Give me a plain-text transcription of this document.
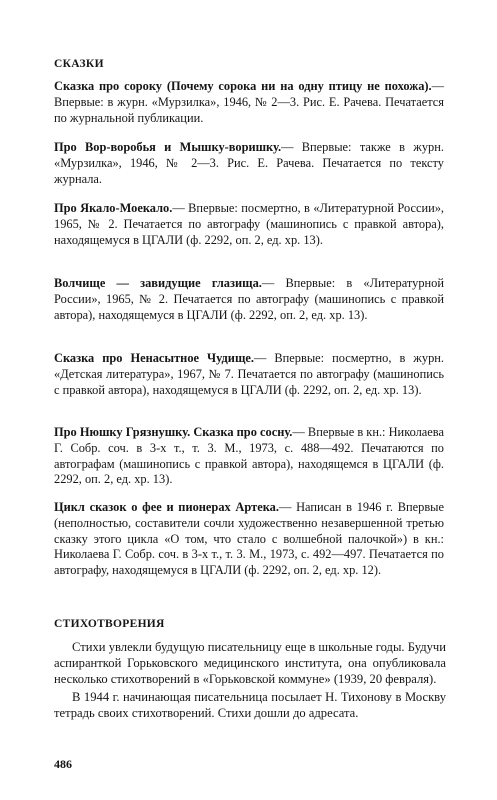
СКАЗКИ
Сказка про сороку (Почему сорока ни на одну птицу не похожа).— Впервые: в журн. «Мурзилка», 1946, № 2—3. Рис. Е. Рачева. Печатается по журнальной публикации.
Про Вор-воробья и Мышку-воришку.— Впервые: также в журн. «Мурзилка», 1946, № 2—3. Рис. Е. Рачева. Печатается по тексту журнала.
Про Якало-Моекало.— Впервые: посмертно, в «Литературной России», 1965, № 2. Печатается по автографу (машинопись с правкой автора), находящемуся в ЦГАЛИ (ф. 2292, оп. 2, ед. хр. 13).
Волчище — завидущие глазища.— Впервые: в «Литературной России», 1965, № 2. Печатается по автографу (машинопись с правкой автора), находящемуся в ЦГАЛИ (ф. 2292, оп. 2, ед. хр. 13).
Сказка про Ненасытное Чудище.— Впервые: посмертно, в журн. «Детская литература», 1967, № 7. Печатается по автографу (машинопись с правкой автора), находящемуся в ЦГАЛИ (ф. 2292, оп. 2, ед. хр. 13).
Про Нюшку Грязнушку. Сказка про сосну.— Впервые в кн.: Николаева Г. Собр. соч. в 3-х т., т. 3. М., 1973, с. 488—492. Печатаются по автографам (машинопись с правкой автора), находящемся в ЦГАЛИ (ф. 2292, оп. 2, ед. хр. 13).
Цикл сказок о фее и пионерах Артека.— Написан в 1946 г. Впервые (неполностью, составители сочли художественно незавершенной третью сказку этого цикла «О том, что стало с волшебной палочкой») в кн.: Николаева Г. Собр. соч. в 3-х т., т. 3. М., 1973, с. 492—497. Печатается по автографу, находящемуся в ЦГАЛИ (ф. 2292, оп. 2, ед. хр. 12).
СТИХОТВОРЕНИЯ
Стихи увлекли будущую писательницу еще в школьные годы. Будучи аспиранткой Горьковского медицинского института, она опубликовала несколько стихотворений в «Горьковской коммуне» (1939, 20 февраля).
В 1944 г. начинающая писательница посылает Н. Тихонову в Москву тетрадь своих стихотворений. Стихи дошли до адресата.
486
